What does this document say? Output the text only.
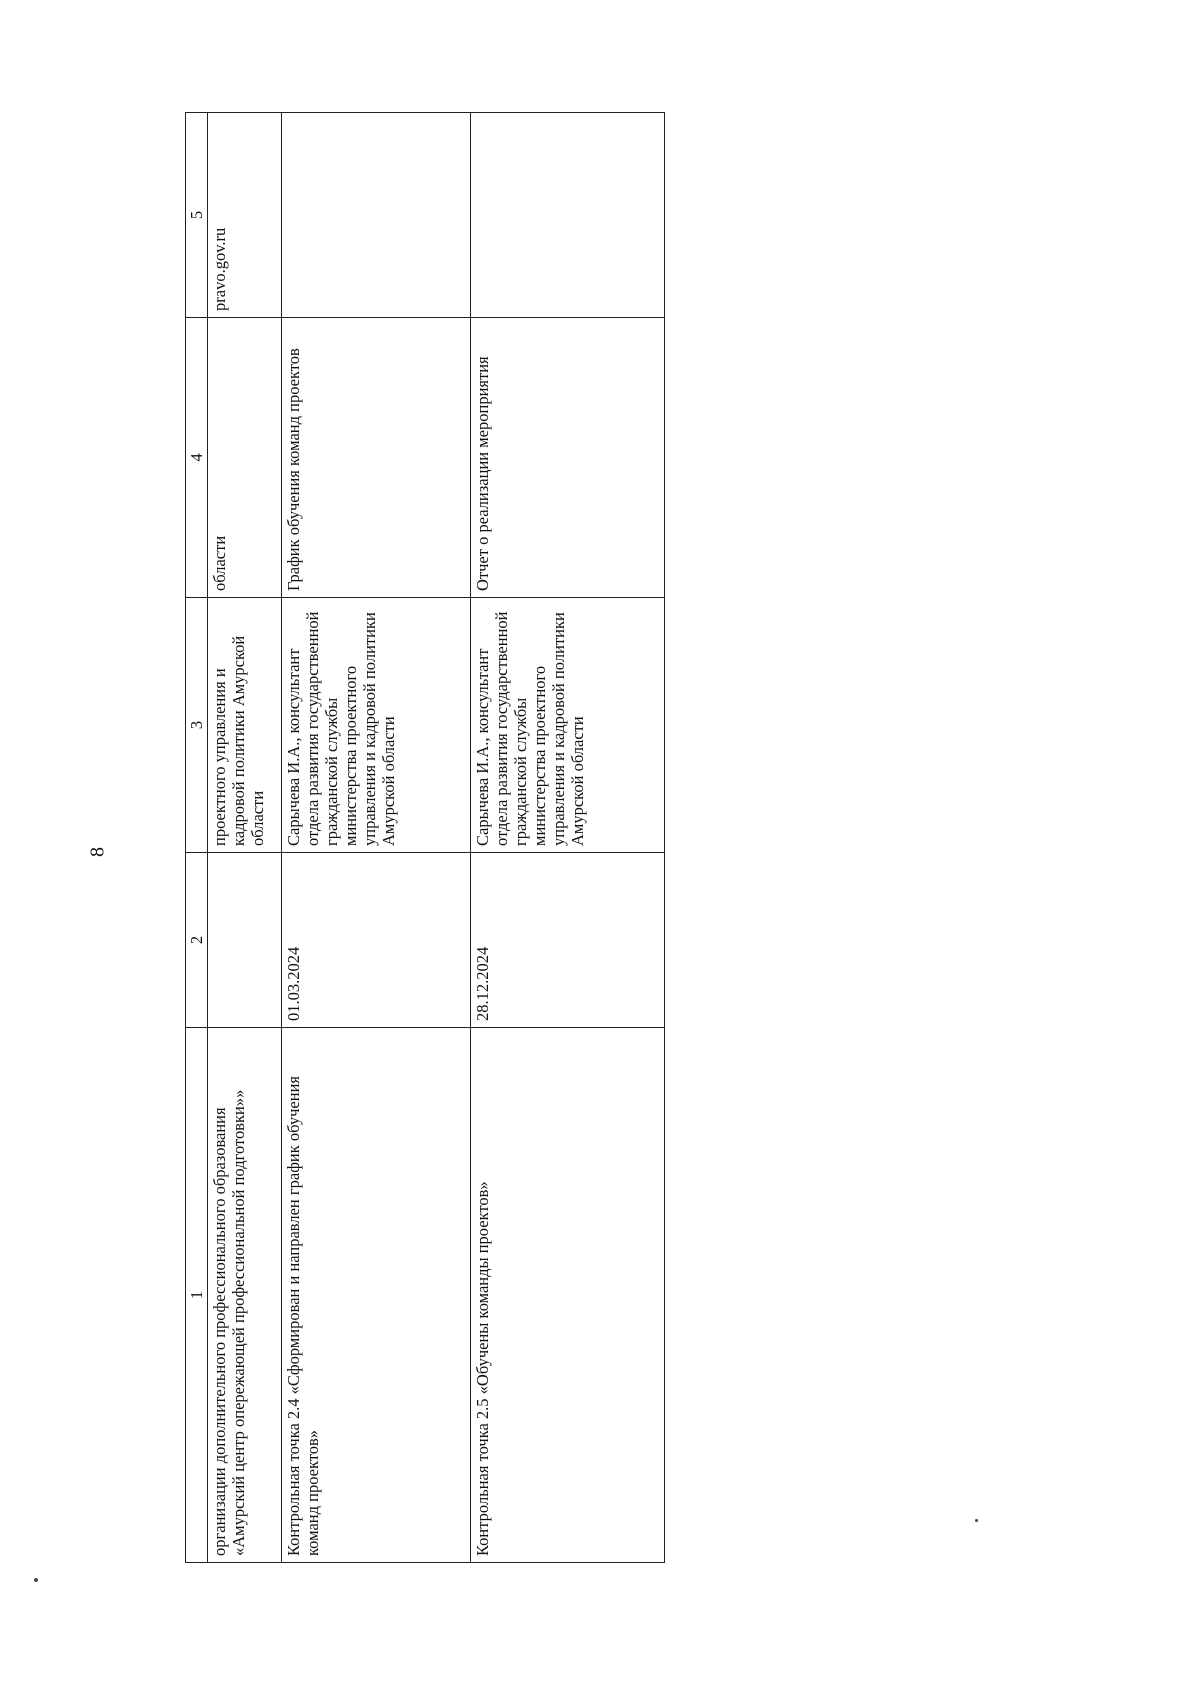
8
1	2	3	4	5
организации дополнительного профессионального образования «Амурский центр опережающей профессиональной подготовки»»		проектного управления и кадровой политики Амурской области	области	pravo.gov.ru
Контрольная точка 2.4 «Сформирован и направлен график обучения команд проектов»	01.03.2024	Сарычева И.А., консультант отдела развития государственной гражданской службы министерства проектного управления и кадровой политики Амурской области	График обучения команд проектов	
Контрольная точка 2.5 «Обучены команды проектов»	28.12.2024	Сарычева И.А., консультант отдела развития государственной гражданской службы министерства проектного управления и кадровой политики Амурской области	Отчет о реализации мероприятия	
